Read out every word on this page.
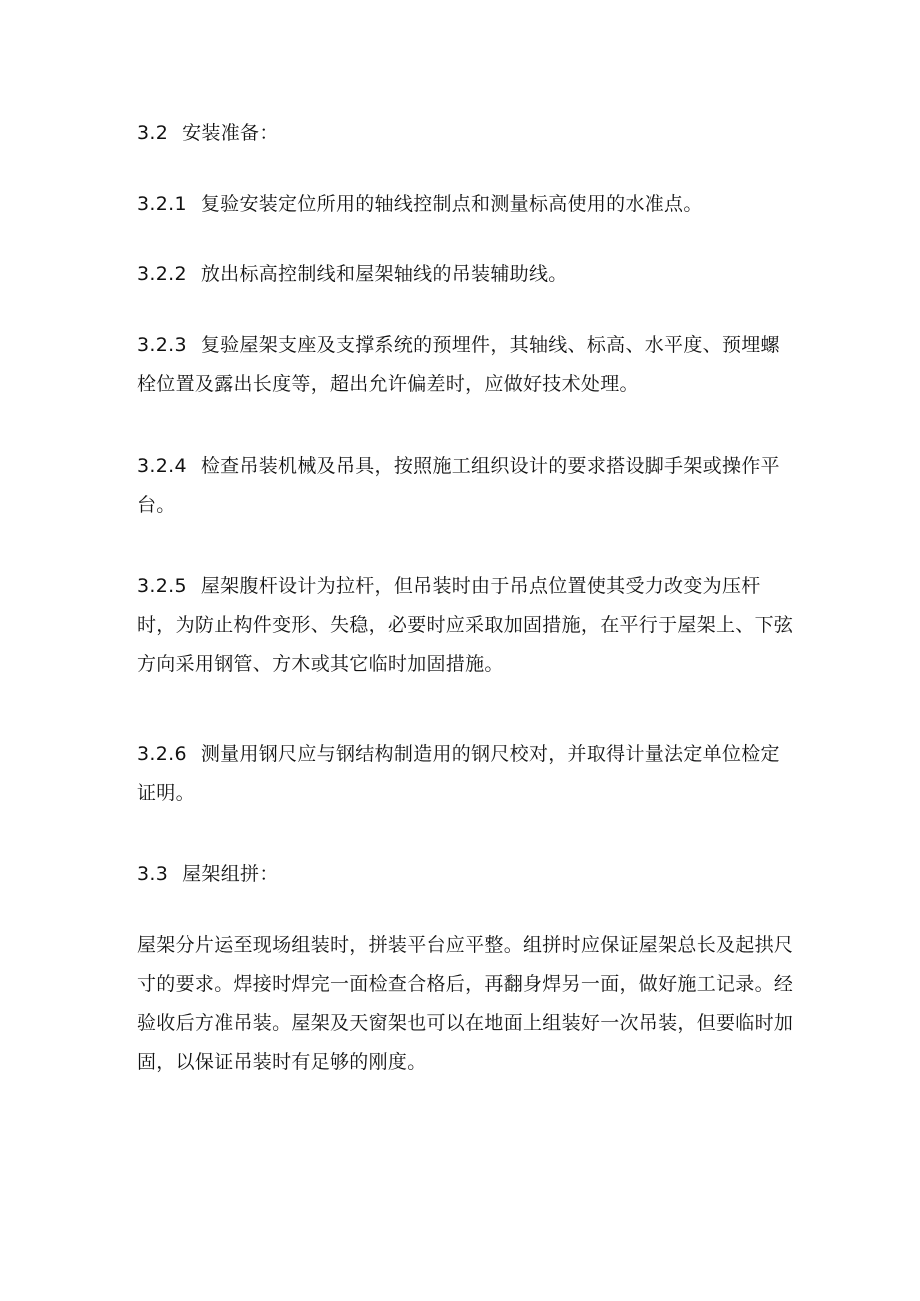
3.2 安装准备：

3.2.1 复验安装定位所用的轴线控制点和测量标高使用的水准点。

3.2.2 放出标高控制线和屋架轴线的吊装辅助线。

3.2.3 复验屋架支座及支撑系统的预埋件，其轴线、标高、水平度、预埋螺栓位置及露出长度等，超出允许偏差时，应做好技术处理。

3.2.4 检查吊装机械及吊具，按照施工组织设计的要求搭设脚手架或操作平台。

3.2.5 屋架腹杆设计为拉杆，但吊装时由于吊点位置使其受力改变为压杆时，为防止构件变形、失稳，必要时应采取加固措施，在平行于屋架上、下弦方向采用钢管、方木或其它临时加固措施。

3.2.6 测量用钢尺应与钢结构制造用的钢尺校对，并取得计量法定单位检定证明。

3.3 屋架组拼：

屋架分片运至现场组装时，拼装平台应平整。组拼时应保证屋架总长及起拱尺寸的要求。焊接时焊完一面检查合格后，再翻身焊另一面，做好施工记录。经验收后方准吊装。屋架及天窗架也可以在地面上组装好一次吊装，但要临时加固，以保证吊装时有足够的刚度。
